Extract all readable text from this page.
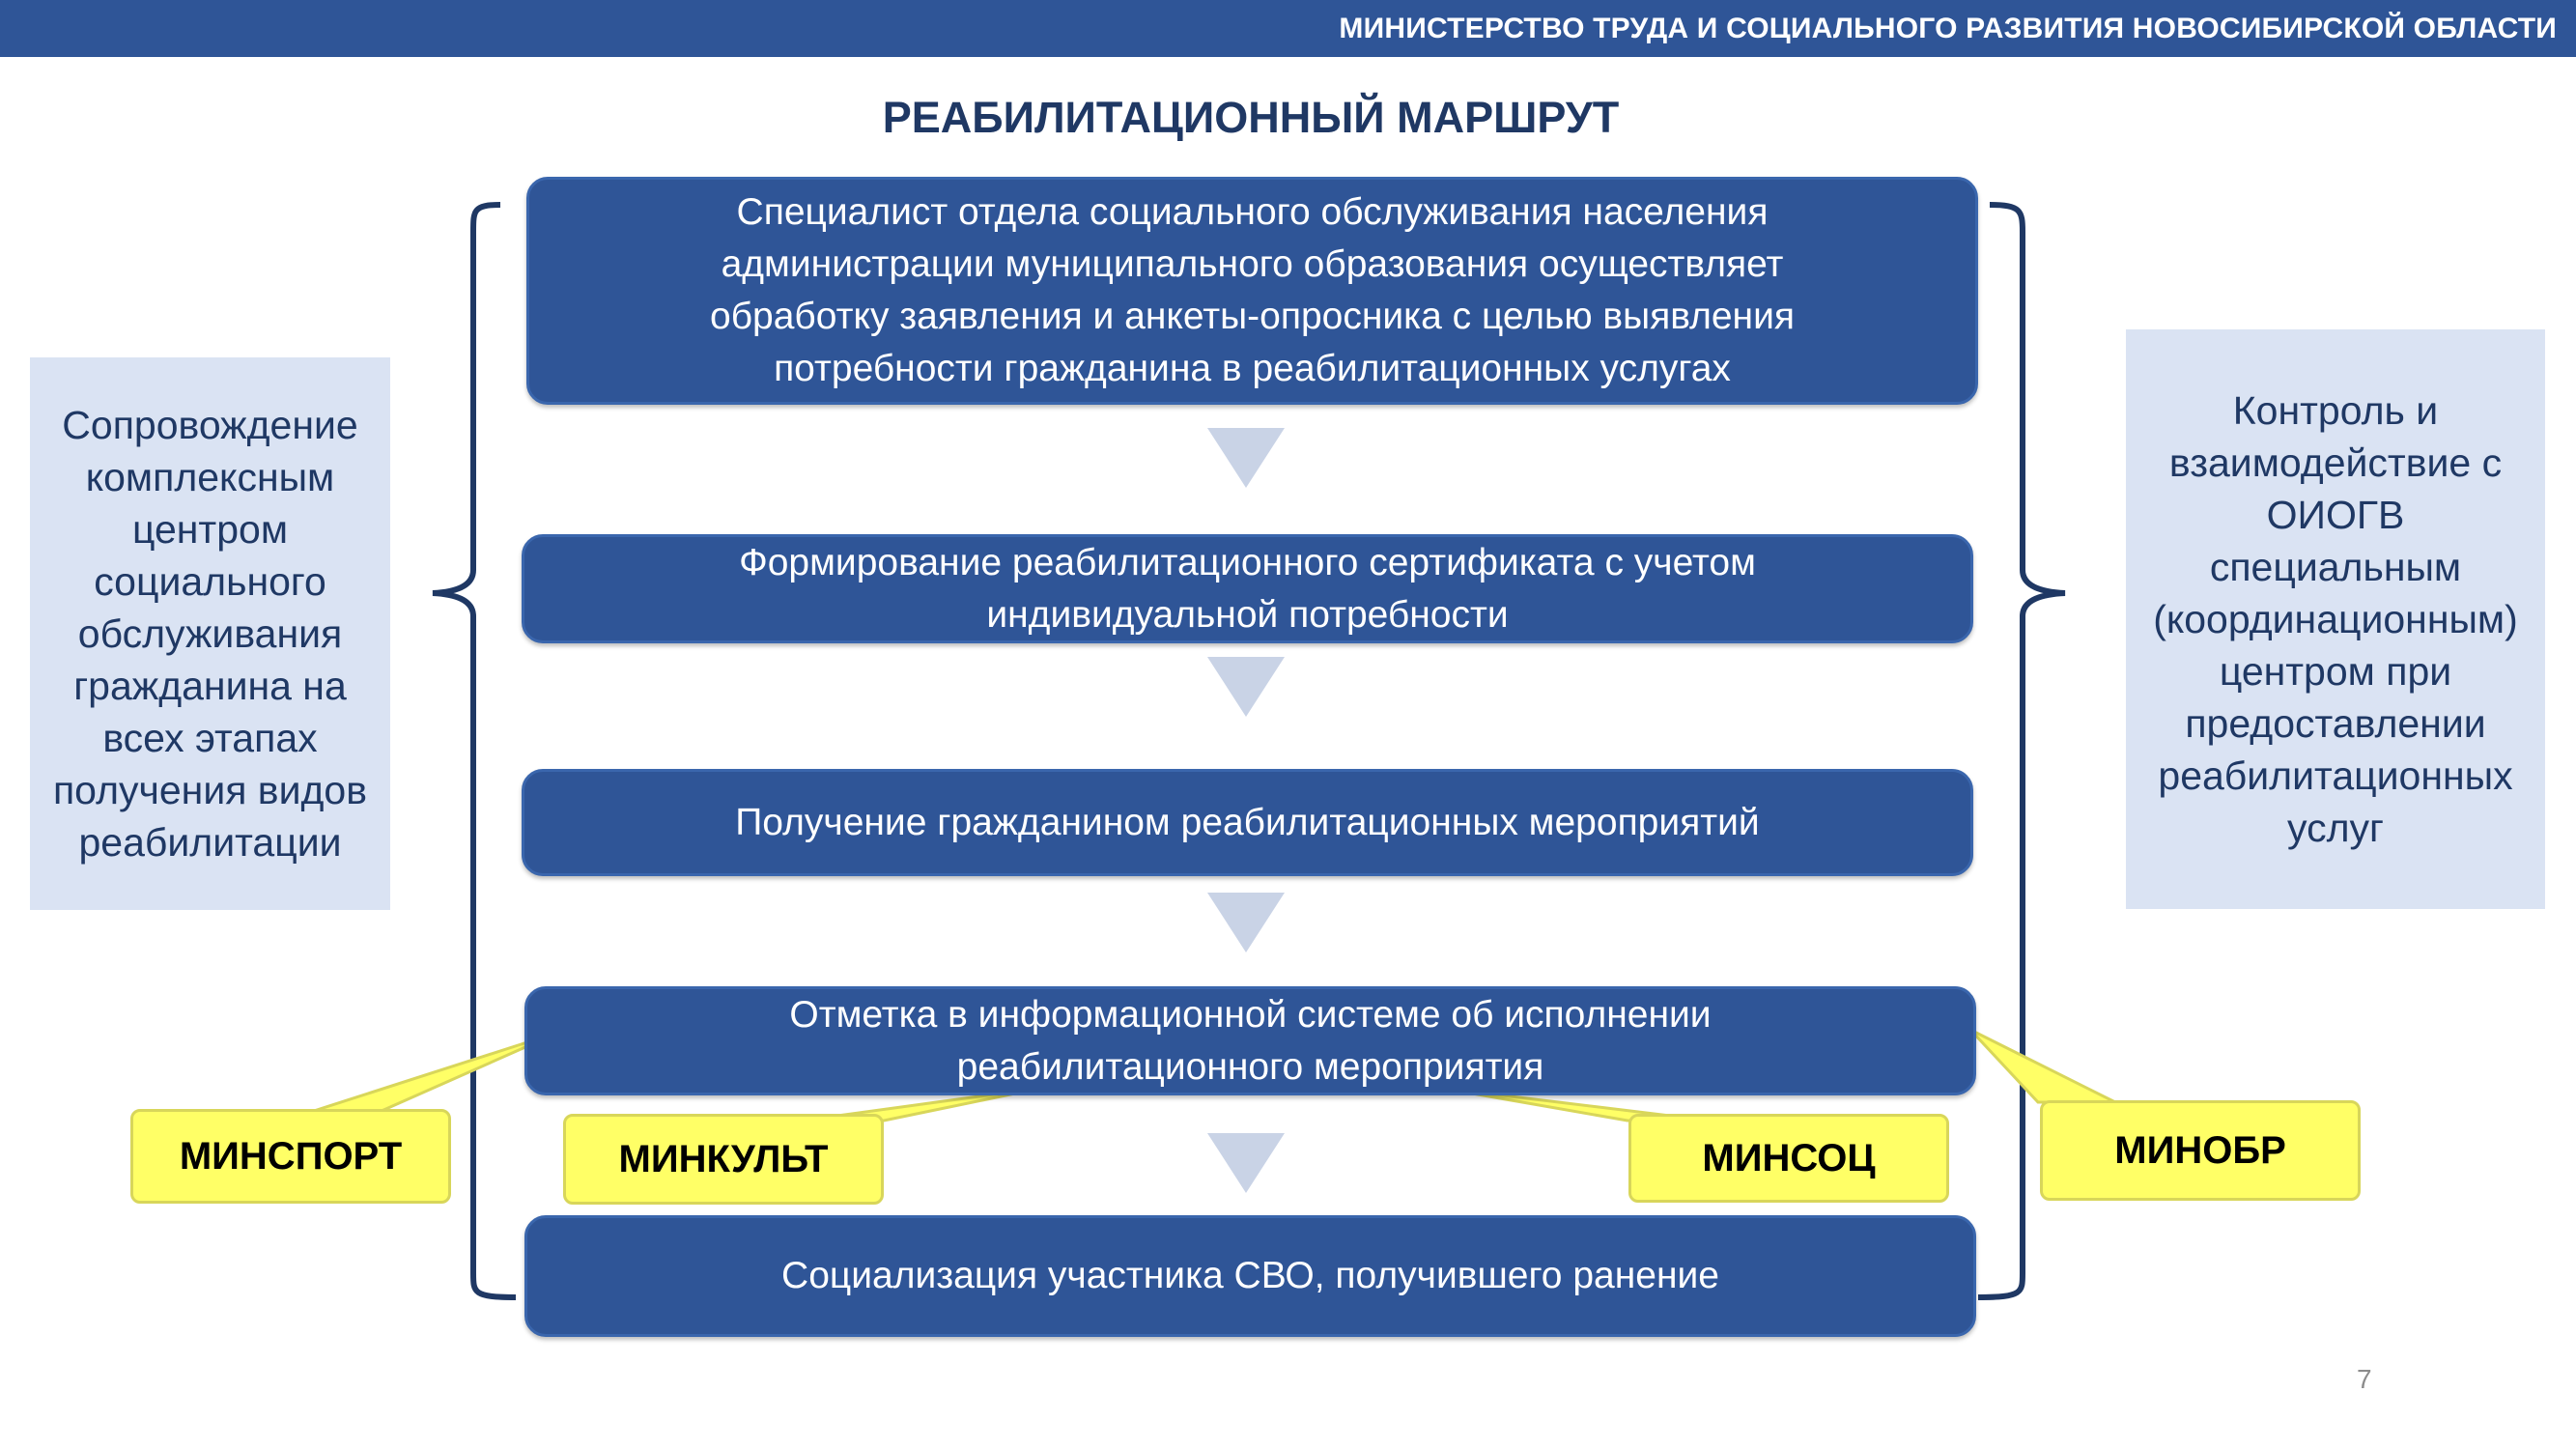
МИНИСТЕРСТВО ТРУДА И СОЦИАЛЬНОГО РАЗВИТИЯ НОВОСИБИРСКОЙ ОБЛАСТИ
РЕАБИЛИТАЦИОННЫЙ МАРШРУТ
Специалист отдела социального обслуживания населения
администрации муниципального образования осуществляет
обработку заявления и анкеты-опросника с целью выявления
потребности гражданина в реабилитационных услугах
Формирование реабилитационного сертификата с учетом
индивидуальной потребности
Получение гражданином реабилитационных мероприятий
Отметка в информационной системе об исполнении
реабилитационного мероприятия
Социализация участника СВО, получившего ранение
Сопровождение
комплексным
центром
социального
обслуживания
гражданина на
всех этапах
получения видов
реабилитации
Контроль и
взаимодействие с
ОИОГВ
специальным
(координационным)
центром при
предоставлении
реабилитационных
услуг
МИНСПОРТ	МИНКУЛЬТ	МИНСОЦ	МИНОБР
7
